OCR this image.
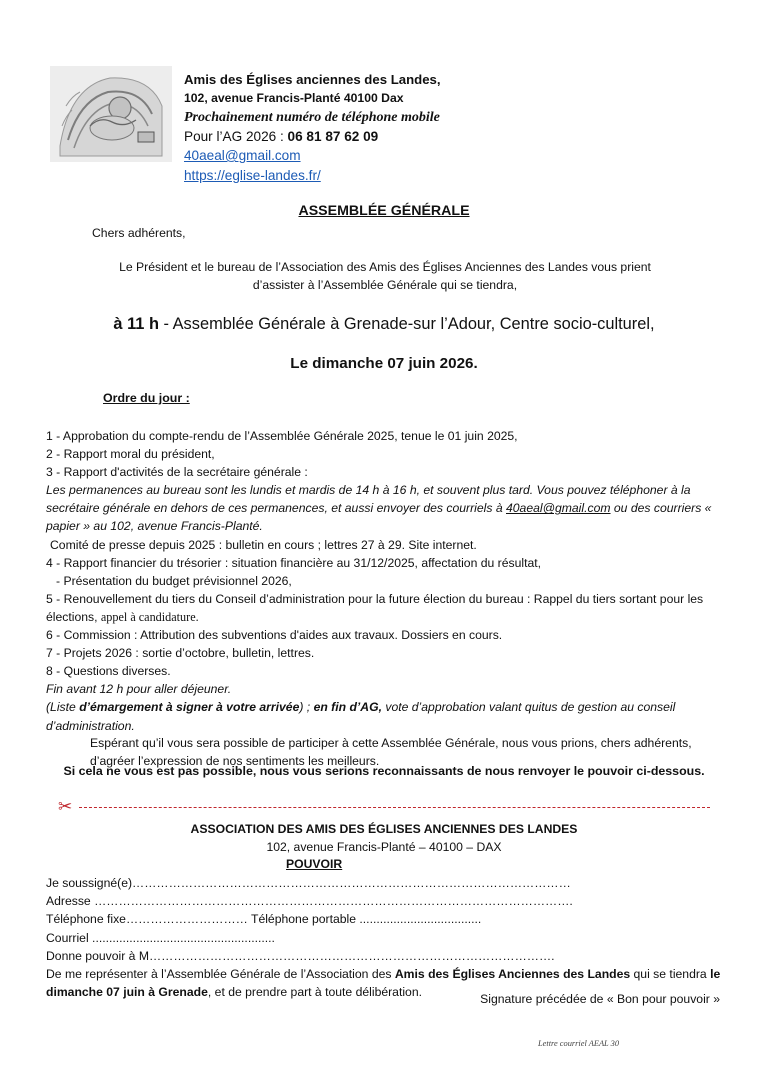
Amis des Églises anciennes des Landes,
102, avenue Francis-Planté 40100 Dax
Prochainement numéro de téléphone mobile
Pour l’AG 2026 : 06 81 87 62 09
40aeal@gmail.com
https://eglise-landes.fr/
ASSEMBLÉE GÉNÉRALE
Chers adhérents,
Le Président et le bureau de l’Association des Amis des Églises Anciennes des Landes vous prient
d’assister à l’Assemblée Générale qui se tiendra,
à 11 h - Assemblée Générale à Grenade-sur l’Adour, Centre socio-culturel,
Le dimanche 07 juin 2026.
Ordre du jour :
1 - Approbation du compte-rendu de l’Assemblée Générale 2025, tenue le 01 juin 2025,
2 - Rapport moral du président,
3 - Rapport d'activités de la secrétaire générale :
Les permanences au bureau sont les lundis et mardis de 14 h à 16 h, et souvent plus tard. Vous pouvez téléphoner à la secrétaire générale en dehors de ces permanences, et aussi envoyer des courriels à 40aeal@gmail.com ou des courriers « papier » au 102, avenue Francis-Planté.
Comité de presse depuis 2025 : bulletin en cours ; lettres 27 à 29. Site internet.
4 - Rapport financier du trésorier : situation financière au 31/12/2025, affectation du résultat,
- Présentation du budget prévisionnel 2026,
5 - Renouvellement du tiers du Conseil d’administration pour la future élection du bureau : Rappel du tiers sortant pour les élections, appel à candidature.
6 - Commission : Attribution des subventions d'aides aux travaux. Dossiers en cours.
7 - Projets 2026 : sortie d’octobre, bulletin, lettres.
8 - Questions diverses.
Fin avant 12 h pour aller déjeuner.
(Liste d’émargement à signer à votre arrivée) ; en fin d’AG, vote d’approbation valant quitus de gestion au conseil d’administration.
Espérant qu’il vous sera possible de participer à cette Assemblée Générale, nous vous prions, chers adhérents, d’agréer l’expression de nos sentiments les meilleurs.
Si cela ne vous est pas possible, nous vous serions reconnaissants de nous renvoyer le pouvoir ci-dessous.
✂
ASSOCIATION DES AMIS DES ÉGLISES ANCIENNES DES LANDES
102, avenue Francis-Planté – 40100 – DAX
POUVOIR
Je soussigné(e)………………………………………………………………………………………………
Adresse ……………………………………………………………………………………………………….
Téléphone fixe………………………… Téléphone portable ....................................
Courriel ......................................................
Donne pouvoir à M……………………………………………………………………………………….
De me représenter à l’Assemblée Générale de l’Association des Amis des Églises Anciennes des Landes qui se tiendra le dimanche 07 juin à Grenade, et de prendre part à toute délibération.	Signature précédée de « Bon pour pouvoir »
Lettre courriel AEAL 30
